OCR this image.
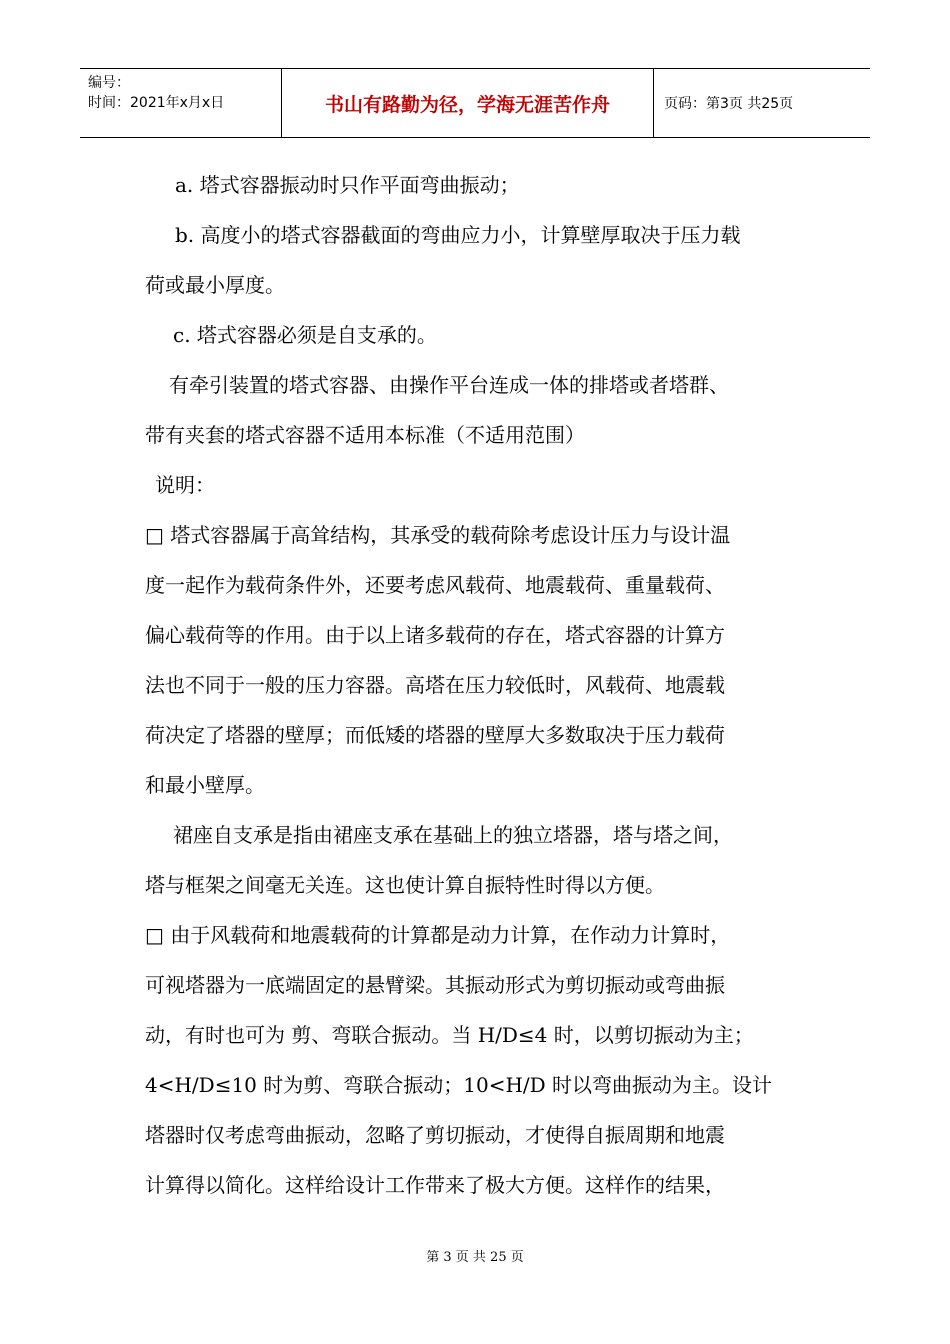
编号：
时间：2021年x月x日	书山有路勤为径，学海无涯苦作舟	页码：第3页 共25页

a. 塔式容器振动时只作平面弯曲振动；

b. 高度小的塔式容器截面的弯曲应力小，计算壁厚取决于压力载

荷或最小厚度。

c. 塔式容器必须是自支承的。

有牵引装置的塔式容器、由操作平台连成一体的排塔或者塔群、

带有夹套的塔式容器不适用本标准（不适用范围）

说明：

□ 塔式容器属于高耸结构，其承受的载荷除考虑设计压力与设计温

度一起作为载荷条件外，还要考虑风载荷、地震载荷、重量载荷、

偏心载荷等的作用。由于以上诸多载荷的存在，塔式容器的计算方

法也不同于一般的压力容器。高塔在压力较低时，风载荷、地震载

荷决定了塔器的壁厚；而低矮的塔器的壁厚大多数取决于压力载荷

和最小壁厚。

裙座自支承是指由裙座支承在基础上的独立塔器，塔与塔之间，

塔与框架之间毫无关连。这也使计算自振特性时得以方便。

□ 由于风载荷和地震载荷的计算都是动力计算，在作动力计算时，

可视塔器为一底端固定的悬臂梁。其振动形式为剪切振动或弯曲振

动，有时也可为 剪、弯联合振动。当 H/D≤4 时，以剪切振动为主；

4<H/D≤10 时为剪、弯联合振动；10<H/D 时以弯曲振动为主。设计

塔器时仅考虑弯曲振动，忽略了剪切振动，才使得自振周期和地震

计算得以简化。这样给设计工作带来了极大方便。这样作的结果，

第 3 页 共 25 页
